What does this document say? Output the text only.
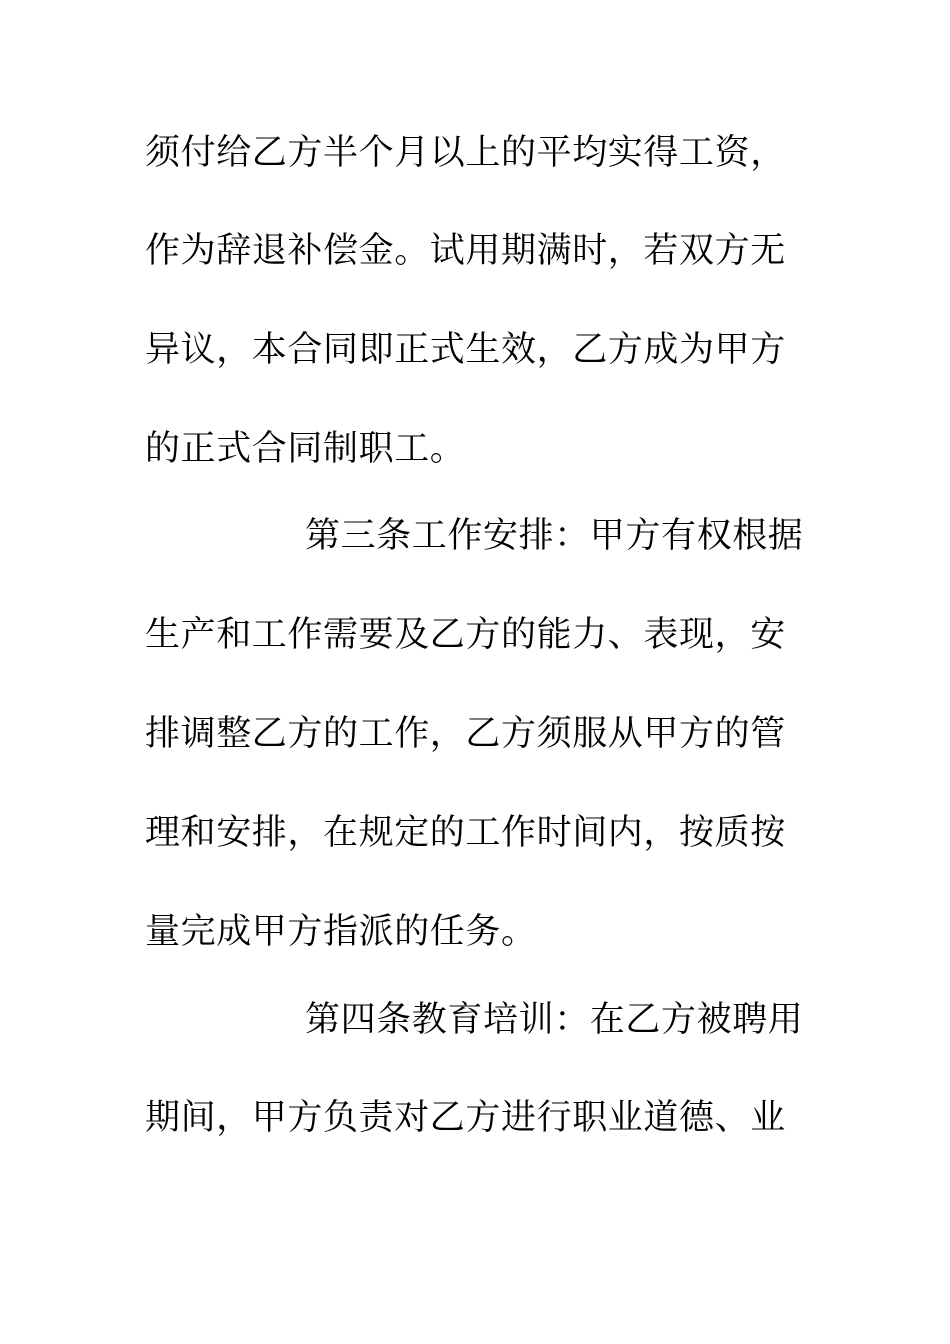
须付给乙方半个月以上的平均实得工资，
作为辞退补偿金。试用期满时，若双方无
异议，本合同即正式生效，乙方成为甲方
的正式合同制职工。
第三条工作安排：甲方有权根据
生产和工作需要及乙方的能力、表现，安
排调整乙方的工作，乙方须服从甲方的管
理和安排，在规定的工作时间内，按质按
量完成甲方指派的任务。
第四条教育培训：在乙方被聘用
期间，甲方负责对乙方进行职业道德、业
